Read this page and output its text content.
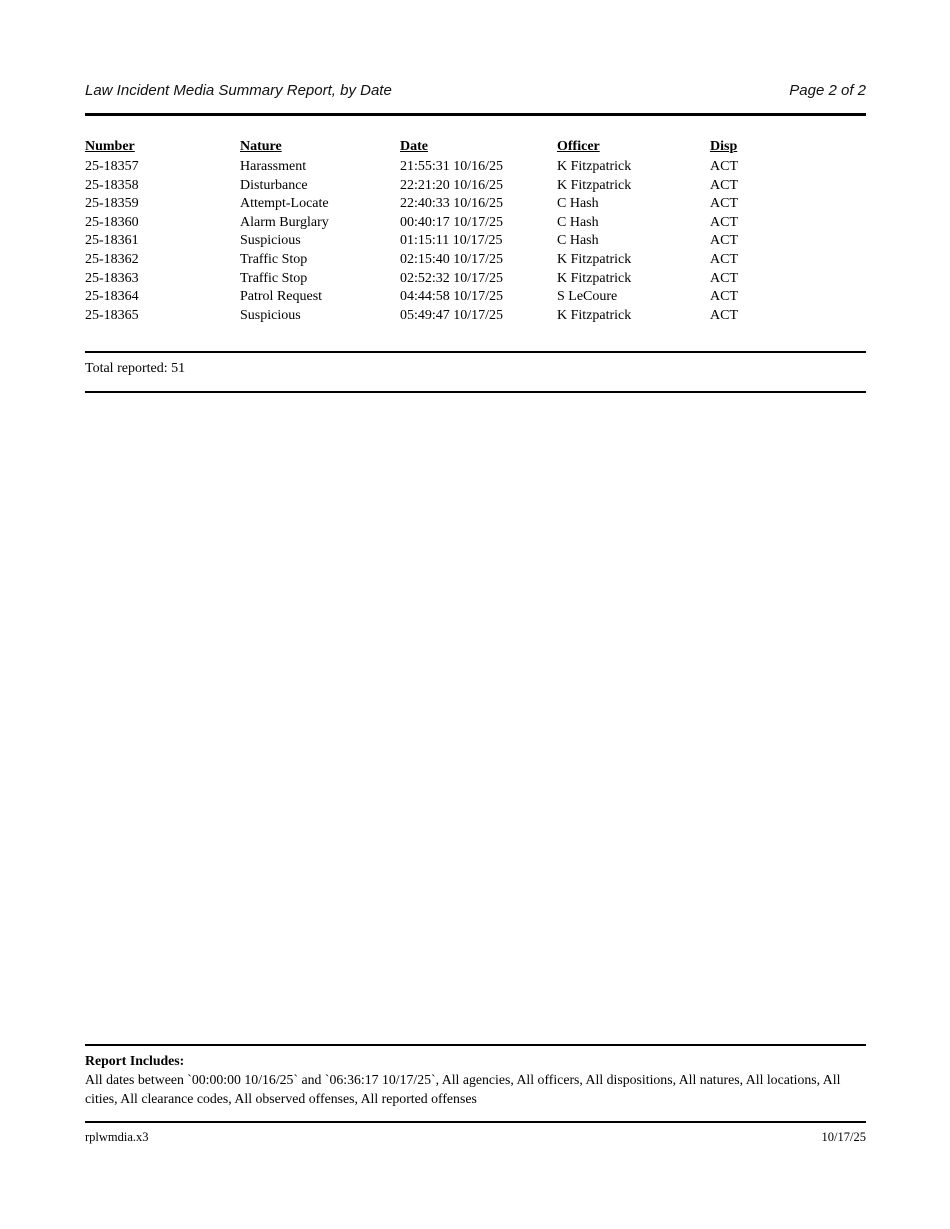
Law Incident Media Summary Report, by Date	Page 2 of 2
Number	Nature	Date	Officer	Disp
25-18357	Harassment	21:55:31 10/16/25	K Fitzpatrick	ACT
25-18358	Disturbance	22:21:20 10/16/25	K Fitzpatrick	ACT
25-18359	Attempt-Locate	22:40:33 10/16/25	C Hash	ACT
25-18360	Alarm Burglary	00:40:17 10/17/25	C Hash	ACT
25-18361	Suspicious	01:15:11 10/17/25	C Hash	ACT
25-18362	Traffic Stop	02:15:40 10/17/25	K Fitzpatrick	ACT
25-18363	Traffic Stop	02:52:32 10/17/25	K Fitzpatrick	ACT
25-18364	Patrol Request	04:44:58 10/17/25	S LeCoure	ACT
25-18365	Suspicious	05:49:47 10/17/25	K Fitzpatrick	ACT
Total reported: 51
Report Includes:
All dates between `00:00:00 10/16/25` and `06:36:17 10/17/25`, All agencies, All officers, All dispositions, All natures, All locations, All cities, All clearance codes, All observed offenses, All reported offenses
rplwmdia.x3	10/17/25
